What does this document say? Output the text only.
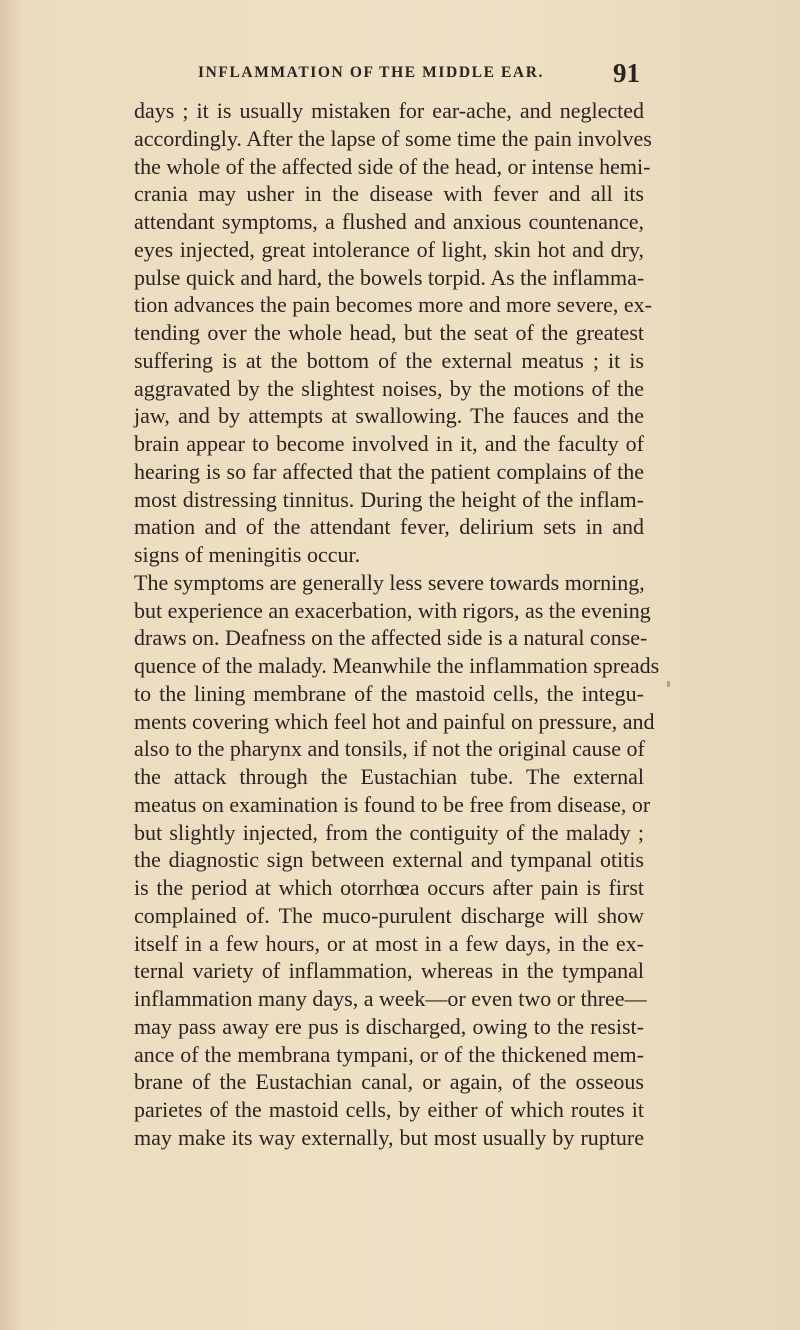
INFLAMMATION OF THE MIDDLE EAR.	91
days ; it is usually mistaken for ear-ache, and neglected
accordingly. After the lapse of some time the pain involves
the whole of the affected side of the head, or intense hemi-
crania may usher in the disease with fever and all its
attendant symptoms, a flushed and anxious countenance,
eyes injected, great intolerance of light, skin hot and dry,
pulse quick and hard, the bowels torpid. As the inflamma-
tion advances the pain becomes more and more severe, ex-
tending over the whole head, but the seat of the greatest
suffering is at the bottom of the external meatus ; it is
aggravated by the slightest noises, by the motions of the
jaw, and by attempts at swallowing. The fauces and the
brain appear to become involved in it, and the faculty of
hearing is so far affected that the patient complains of the
most distressing tinnitus. During the height of the inflam-
mation and of the attendant fever, delirium sets in and
signs of meningitis occur.
The symptoms are generally less severe towards morning,
but experience an exacerbation, with rigors, as the evening
draws on. Deafness on the affected side is a natural conse-
quence of the malady. Meanwhile the inflammation spreads
to the lining membrane of the mastoid cells, the integu-
ments covering which feel hot and painful on pressure, and
also to the pharynx and tonsils, if not the original cause of
the attack through the Eustachian tube. The external
meatus on examination is found to be free from disease, or
but slightly injected, from the contiguity of the malady ;
the diagnostic sign between external and tympanal otitis
is the period at which otorrhœa occurs after pain is first
complained of. The muco-purulent discharge will show
itself in a few hours, or at most in a few days, in the ex-
ternal variety of inflammation, whereas in the tympanal
inflammation many days, a week—or even two or three—
may pass away ere pus is discharged, owing to the resist-
ance of the membrana tympani, or of the thickened mem-
brane of the Eustachian canal, or again, of the osseous
parietes of the mastoid cells, by either of which routes it
may make its way externally, but most usually by rupture
